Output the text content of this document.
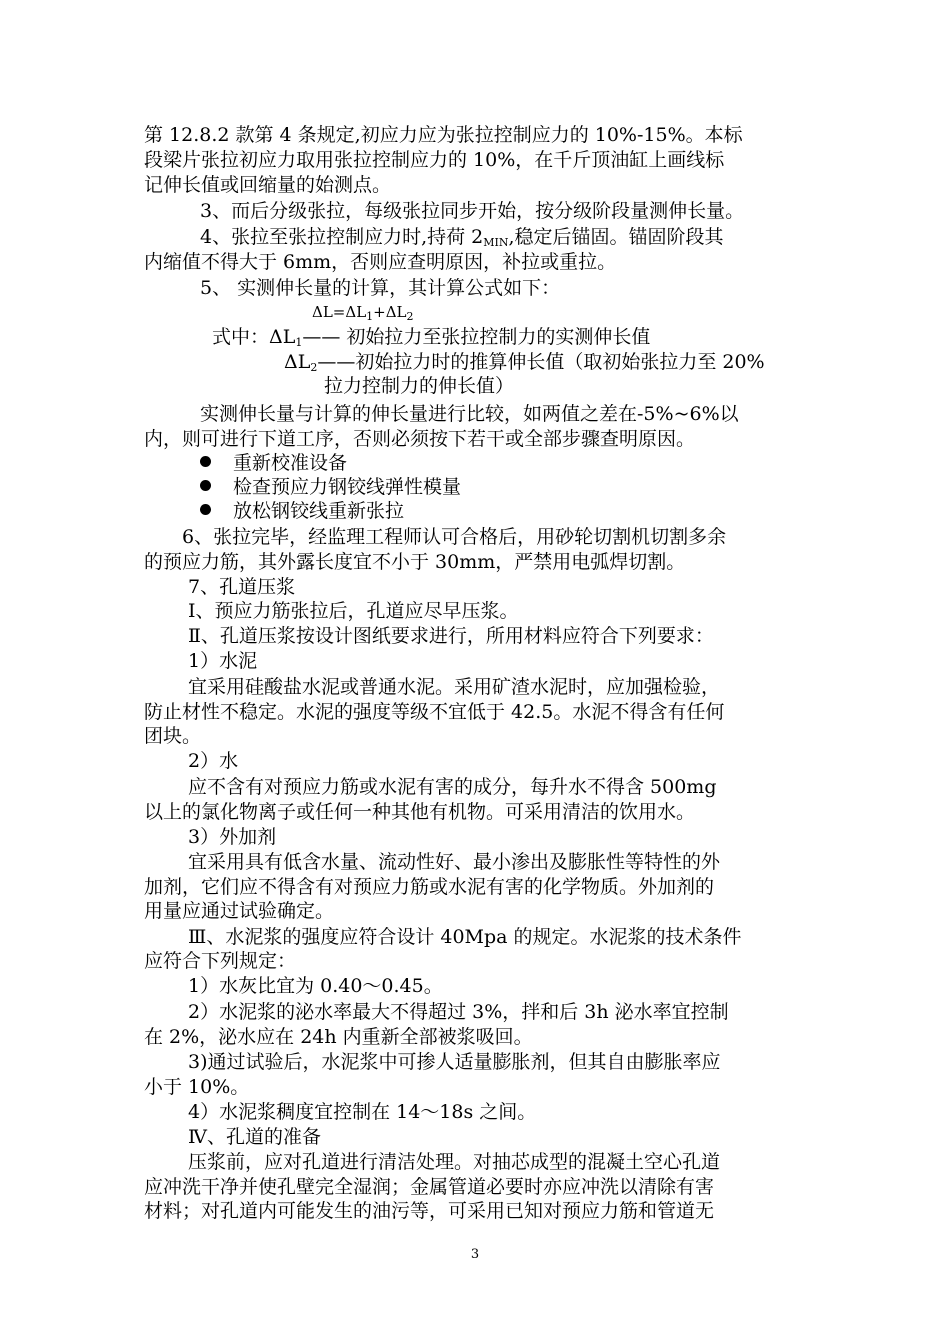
第 12.8.2 款第 4 条规定,初应力应为张拉控制应力的 10%-15%。本标
段梁片张拉初应力取用张拉控制应力的 10%，在千斤顶油缸上画线标
记伸长值或回缩量的始测点。
3、而后分级张拉，每级张拉同步开始，按分级阶段量测伸长量。
4、张拉至张拉控制应力时,持荷 $2_{MIN}$,稳定后锚固。锚固阶段其
内缩值不得大于 6mm，否则应查明原因，补拉或重拉。
5、 实测伸长量的计算，其计算公式如下：
$\Delta L=\Delta L_1+\Delta L_2$
式中：$\Delta L_1——$ 初始拉力至张拉控制力的实测伸长值
$\Delta L_2——$初始拉力时的推算伸长值（取初始张拉力至 20%
拉力控制力的伸长值）
实测伸长量与计算的伸长量进行比较，如两值之差在-5%~6%以
内，则可进行下道工序，否则必须按下若干或全部步骤查明原因。
重新校准设备
检查预应力钢铰线弹性模量
放松钢铰线重新张拉
6、张拉完毕，经监理工程师认可合格后，用砂轮切割机切割多余
的预应力筋，其外露长度宜不小于 30mm，严禁用电弧焊切割。
7、孔道压浆
Ⅰ、预应力筋张拉后，孔道应尽早压浆。
Ⅱ、孔道压浆按设计图纸要求进行，所用材料应符合下列要求：
1）水泥
宜采用硅酸盐水泥或普通水泥。采用矿渣水泥时，应加强检验，
防止材性不稳定。水泥的强度等级不宜低于 42.5。水泥不得含有任何
团块。
2）水
应不含有对预应力筋或水泥有害的成分，每升水不得含 500mg
以上的氯化物离子或任何一种其他有机物。可采用清洁的饮用水。
3）外加剂
宜采用具有低含水量、流动性好、最小渗出及膨胀性等特性的外
加剂，它们应不得含有对预应力筋或水泥有害的化学物质。外加剂的
用量应通过试验确定。
Ⅲ、水泥浆的强度应符合设计 40Mpa 的规定。水泥浆的技术条件
应符合下列规定：
1）水灰比宜为 0.40～0.45。
2）水泥浆的泌水率最大不得超过 3%，拌和后 3h 泌水率宜控制
在 2%，泌水应在 24h 内重新全部被浆吸回。
3)通过试验后，水泥浆中可掺人适量膨胀剂，但其自由膨胀率应
小于 10%。
4）水泥浆稠度宜控制在 14～18s 之间。
Ⅳ、孔道的准备
压浆前，应对孔道进行清洁处理。对抽芯成型的混凝土空心孔道
应冲洗干净并使孔壁完全湿润；金属管道必要时亦应冲洗以清除有害
材料；对孔道内可能发生的油污等，可采用已知对预应力筋和管道无
3
